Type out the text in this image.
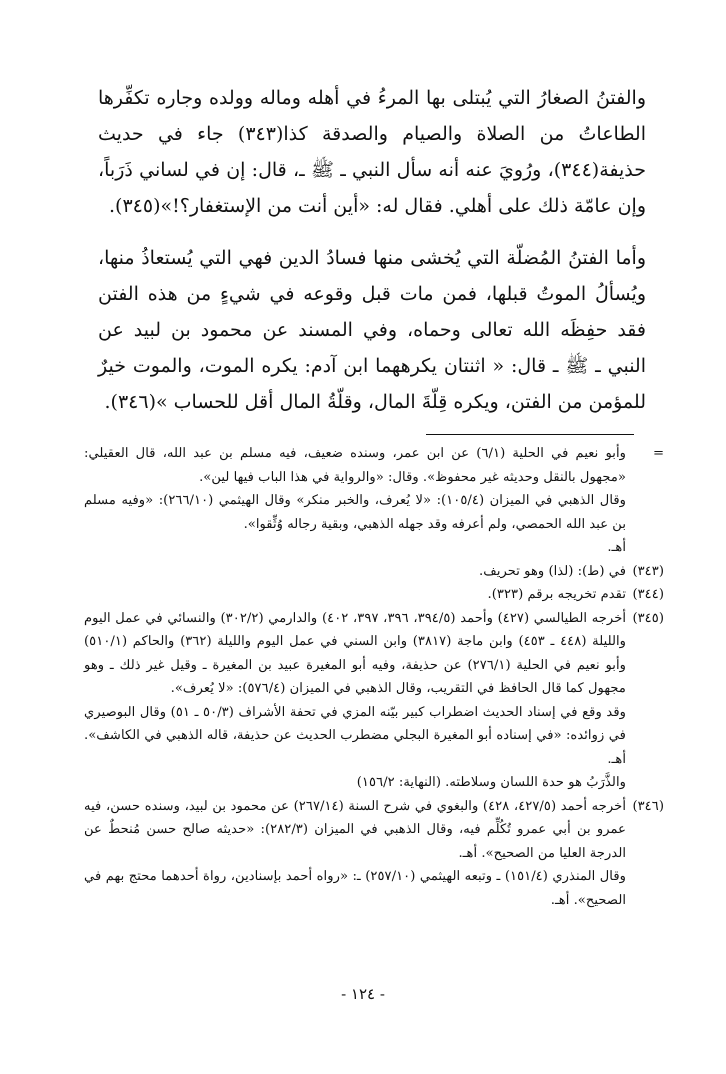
والفتنُ الصغارُ التي يُبتلى بها المرءُ في أهله وماله وولده وجاره تكفِّرها الطاعاتُ من الصلاة والصيام والصدقة كذا(٣٤٣) جاء في حديث حذيفة(٣٤٤)، ورُويَ عنه أنه سأل النبي ـ ﷺ ـ، قال: إن في لساني ذَرَباً، وإن عامّة ذلك على أهلي. فقال له: «أين أنت من الإستغفار؟!»(٣٤٥).

وأما الفتنُ المُضلّة التي يُخشى منها فسادُ الدين فهي التي يُستعاذُ منها، ويُسألُ الموتُ قبلها، فمن مات قبل وقوعه في شيءٍ من هذه الفتن فقد حفِظَه الله تعالى وحماه، وفي المسند عن محمود بن لبيد عن النبي ـ ﷺ ـ قال: « اثنتان يكرههما ابن آدم: يكره الموت، والموت خيرٌ للمؤمن من الفتن، ويكره قِلّةَ المال، وقلّةُ المال أقل للحساب »(٣٤٦).

=
وأبو نعيم في الحلية (٦/١) عن ابن عمر، وسنده ضعيف، فيه مسلم بن عبد الله، قال العقيلي: «مجهول بالنقل وحديثه غير محفوظ». وقال: «والرواية في هذا الباب فيها لين».
وقال الذهبي في الميزان (١٠٥/٤): «لا يُعرف، والخبر منكر» وقال الهيثمي (٢٦٦/١٠): «وفيه مسلم بن عبد الله الحمصي، ولم أعرفه وقد جهله الذهبي، وبقية رجاله وُثِّقوا».
أهـ.
(٣٤٣)
في (ط): (لذا) وهو تحريف.
(٣٤٤)
تقدم تخريجه برقم (٣٢٣).
(٣٤٥)
أخرجه الطيالسي (٤٢٧) وأحمد (٣٩٤/٥، ٣٩٦، ٣٩٧، ٤٠٢) والدارمي (٣٠٢/٢) والنسائي في عمل اليوم والليلة (٤٤٨ ـ ٤٥٣) وابن ماجة (٣٨١٧) وابن السني في عمل اليوم والليلة (٣٦٢) والحاكم (٥١٠/١) وأبو نعيم في الحلية (٢٧٦/١) عن حذيفة، وفيه أبو المغيرة عبيد بن المغيرة ـ وقيل غير ذلك ـ وهو مجهول كما قال الحافظ في التقريب، وقال الذهبي في الميزان (٥٧٦/٤): «لا يُعرف».
وقد وقع في إسناد الحديث اضطراب كبير بيّنه المزي في تحفة الأشراف (٥٠/٣ ـ ٥١) وقال البوصيري في زوائده: «في إسناده أبو المغيرة البجلي مضطرب الحديث عن حذيفة، قاله الذهبي في الكاشف». أهـ.
والذَّرَبُ هو حدة اللسان وسلاطته. (النهاية: ١٥٦/٢)
(٣٤٦)
أخرجه أحمد (٤٢٧/٥، ٤٢٨) والبغوي في شرح السنة (٢٦٧/١٤) عن محمود بن لبيد، وسنده حسن، فيه عمرو بن أبي عمرو تُكُلِّم فيه، وقال الذهبي في الميزان (٢٨٢/٣): «حديثه صالح حسن مُنحطٌ عن الدرجة العليا من الصحيح». أهـ.
وقال المنذري (١٥١/٤) ـ وتبعه الهيثمي (٢٥٧/١٠) ـ: «رواه أحمد بإسنادين، رواة أحدهما محتج بهم في الصحيح». أهـ.
- ١٢٤ -
